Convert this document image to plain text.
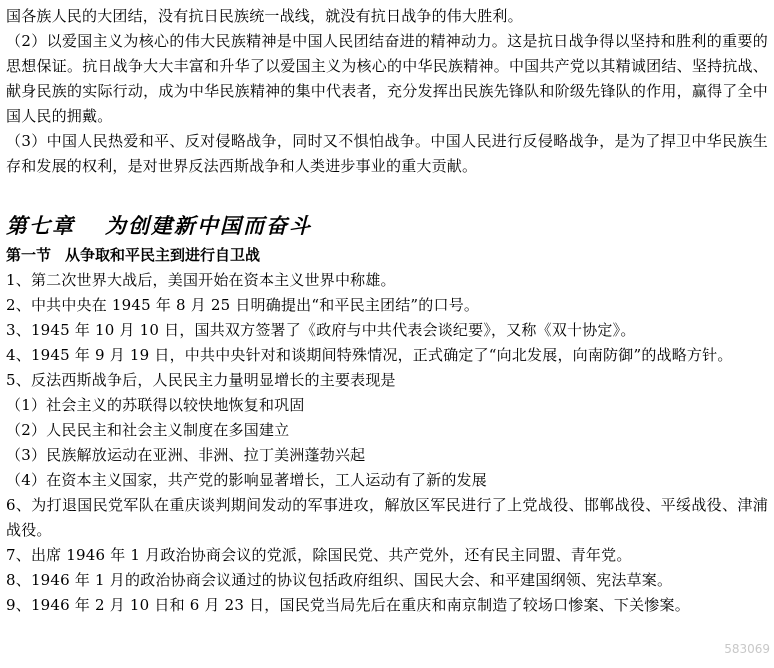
国各族人民的大团结，没有抗日民族统一战线，就没有抗日战争的伟大胜利。

（2）以爱国主义为核心的伟大民族精神是中国人民团结奋进的精神动力。这是抗日战争得以坚持和胜利的重要的思想保证。抗日战争大大丰富和升华了以爱国主义为核心的中华民族精神。中国共产党以其精诚团结、坚持抗战、献身民族的实际行动，成为中华民族精神的集中代表者，充分发挥出民族先锋队和阶级先锋队的作用，赢得了全中国人民的拥戴。

（3）中国人民热爱和平、反对侵略战争，同时又不惧怕战争。中国人民进行反侵略战争，是为了捍卫中华民族生存和发展的权利，是对世界反法西斯战争和人类进步事业的重大贡献。

第七章 为创建新中国而奋斗
第一节 从争取和平民主到进行自卫战

1、第二次世界大战后，美国开始在资本主义世界中称雄。

2、中共中央在 1945 年 8 月 25 日明确提出“和平民主团结”的口号。

3、1945 年 10 月 10 日，国共双方签署了《政府与中共代表会谈纪要》，又称《双十协定》。

4、1945 年 9 月 19 日，中共中央针对和谈期间特殊情况，正式确定了“向北发展，向南防御”的战略方针。

5、反法西斯战争后，人民民主力量明显增长的主要表现是

（1）社会主义的苏联得以较快地恢复和巩固

（2）人民民主和社会主义制度在多国建立

（3）民族解放运动在亚洲、非洲、拉丁美洲蓬勃兴起

（4）在资本主义国家，共产党的影响显著增长，工人运动有了新的发展

6、为打退国民党军队在重庆谈判期间发动的军事进攻，解放区军民进行了上党战役、邯郸战役、平绥战役、津浦战役。

7、出席 1946 年 1 月政治协商会议的党派，除国民党、共产党外，还有民主同盟、青年党。

8、1946 年 1 月的政治协商会议通过的协议包括政府组织、国民大会、和平建国纲领、宪法草案。

9、1946 年 2 月 10 日和 6 月 23 日，国民党当局先后在重庆和南京制造了较场口惨案、下关惨案。

583069
